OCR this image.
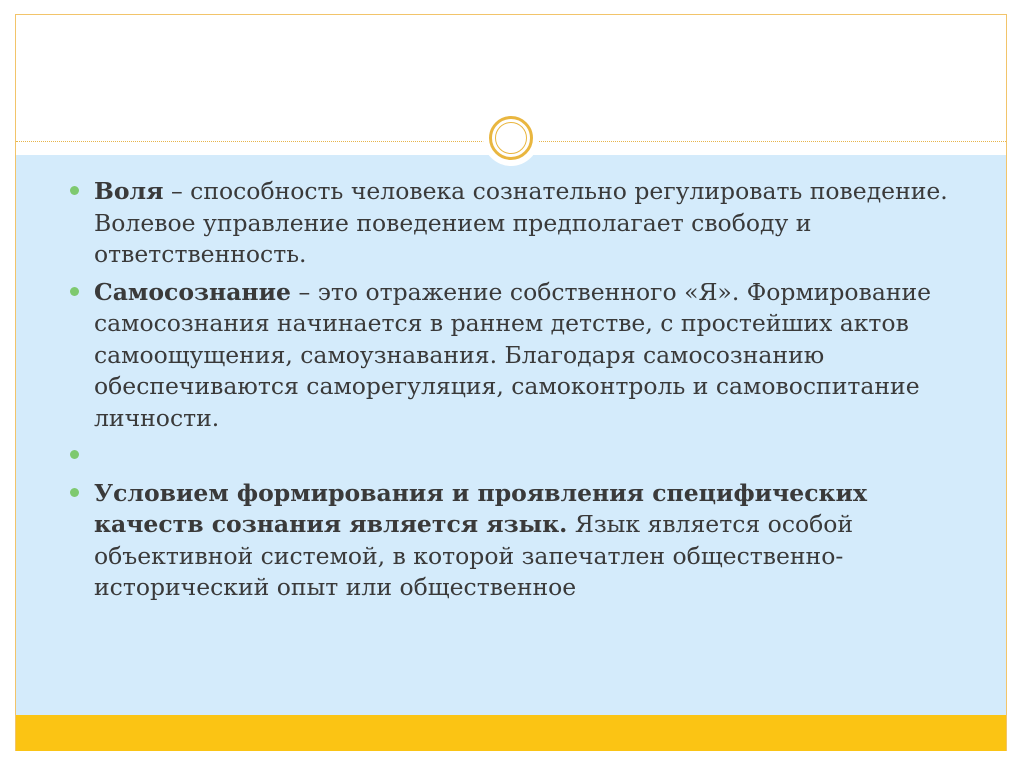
Воля – способность человека сознательно регулировать поведение. Волевое управление поведением предполагает свободу и ответственность.
Самосознание – это отражение собственного «Я». Формирование самосознания начинается в раннем детстве, с простейших актов самоощущения, самоузнавания. Благодаря самосознанию обеспечиваются саморегуляция, самоконтроль и самовоспитание личности.
Условием формирования и проявления специфических качеств сознания является язык. Язык является особой объективной системой, в которой запечатлен общественно-исторический опыт или общественное
